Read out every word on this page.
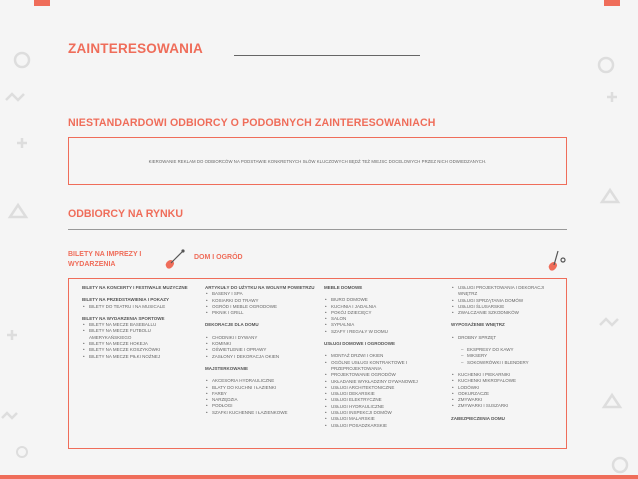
ZAINTERESOWANIA
NIESTANDARDOWI ODBIORCY O PODOBNYCH ZAINTERESOWANIACH
KIEROWANIE REKLAM DO ODBIORCÓW NA PODSTAWIE KONKRETNYCH SŁÓW KLUCZOWYCH BĘDŹ TEŻ MIEJSC DOCELOWYCH PRZEZ NICH ODWIEDZANYCH.
ODBIORCY NA RYNKU
BILETY NA IMPREZY I WYDARZENIA
DOM I OGRÓD
BILETY NA KONCERTY I FESTIWALE MUZYCZNE
BILETY NA PRZEDSTAWIENIA I POKAZY
• BILETY DO TEATRU I NA MUSICALE
BILETY NA WYDARZENIA SPORTOWE
• BILETY NA MECZE BASEBALLU
• BILETY NA MECZE FUTBOLU AMERYKAŃSKIEGO
• BILETY NA MECZE HOKEJA
• BILETY NA MECZE KOSZYKÓWKI
• BILETY NA MECZE PIŁKI NOŻNEJ
ARTYKUŁY DO UŻYTKU NA WOLNYM POWIETRZU
• BASENY I SPA
• KOSIARKI DO TRAWY
• OGRÓD I MEBLE OGRODOWE
• PIKNIK I GRILL
DEKORACJE DLA DOMU
• CHODNIKI I DYWANY
• KOMINKI
• OŚWIETLENIE I OPRAWY
• ZASŁONY I DEKORACJA OKIEN
MAJSTERKOWANIE
• AKCESORIA HYDRAULICZNE
• BLATY DO KUCHNI I ŁAZIENKI
• FARBY
• NARZĘDZIA
• PODŁOGI
• SZAFKI KUCHENNE I ŁAZIENKOWE
MEBLE DOMOWE
• BIURO DOMOWE
• KUCHNIA I JADALNIA
• POKÓJ DZIECIĘCY
• SALON
• SYPIALNIA
• SZAFY I REGAŁY W DOMU
USŁUGI DOMOWE I OGRODOWE
• MONTAŻ DRZWI I OKIEN
• OGÓLNE USŁUGI KONTRAKTOWE I PRZEPROJEKTOWANIA
• PROJEKTOWANIE OGRODÓW
• UKŁADANIE WYKŁADZINY DYWANOWEJ
• USŁUGI ARCHITEKTONICZNE
• USŁUGI DEKARSKIE
• USŁUGI ELEKTRYCZNE
• USŁUGI HYDRAULICZNE
• USŁUGI INSPEKCJI DOMÓW
• USŁUGI MALARSKIE
• USŁUGI POSADZKARSKIE
• USŁUGI PROJEKTOWANIA I DEKORACJI WNĘTRZ
• USŁUGI SPRZĄTANIA DOMÓW
• USŁUGI ŚLUSARSKIE
• ZWALCZANIE SZKODNIKÓW
WYPOSAŻENIE WNĘTRZ
• DROBNY SPRZĘT
– EKSPRESY DO KAWY
– MIKSERY
– SOKOWIRÓWKI I BLENDERY
• KUCHENKI I PIEKARNIKI
• KUCHENKI MIKROFALOWE
• LODÓWKI
• ODKURZACZE
• ZMYWARKI
• ZMYWARKI I SUSZARKI
ZABEZPIECZENIA DOMU
